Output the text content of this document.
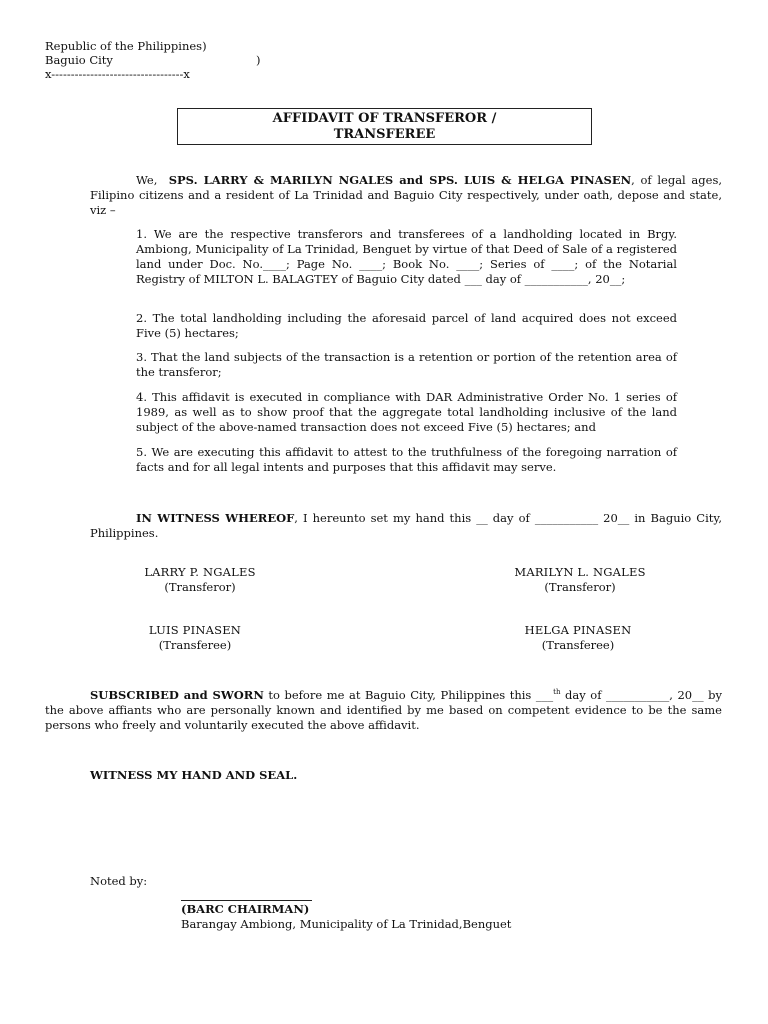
Republic of the Philippines)
Baguio City	)
x----------------------------------x
AFFIDAVIT OF TRANSFEROR /
TRANSFEREE
We, SPS. LARRY & MARILYN NGALES and SPS. LUIS & HELGA PINASEN, of legal ages, Filipino citizens and a resident of La Trinidad and Baguio City respectively, under oath, depose and state, viz –
1. We are the respective transferors and transferees of a landholding located in Brgy. Ambiong, Municipality of La Trinidad, Benguet by virtue of that Deed of Sale of a registered land under Doc. No.____; Page No. ____; Book No. ____; Series of ____; of the Notarial Registry of MILTON L. BALAGTEY of Baguio City dated ___ day of ___________, 20__;
2. The total landholding including the aforesaid parcel of land acquired does not exceed Five (5) hectares;
3. That the land subjects of the transaction is a retention or portion of the retention area of the transferor;
4. This affidavit is executed in compliance with DAR Administrative Order No. 1 series of 1989, as well as to show proof that the aggregate total landholding inclusive of the land subject of the above-named transaction does not exceed Five (5) hectares; and
5. We are executing this affidavit to attest to the truthfulness of the foregoing narration of facts and for all legal intents and purposes that this affidavit may serve.
IN WITNESS WHEREOF, I hereunto set my hand this __ day of ___________ 20__ in Baguio City, Philippines.
LARRY P. NGALES
(Transferor)
MARILYN L. NGALES
(Transferor)
LUIS PINASEN
(Transferee)
HELGA PINASEN
(Transferee)
SUBSCRIBED and SWORN to before me at Baguio City, Philippines this ___$^{th}$ day of ___________, 20__ by the above affiants who are personally known and identified by me based on competent evidence to be the same persons who freely and voluntarily executed the above affidavit.
WITNESS MY HAND AND SEAL.
Noted by:
(BARC CHAIRMAN)
Barangay Ambiong, Municipality of La Trinidad,Benguet
